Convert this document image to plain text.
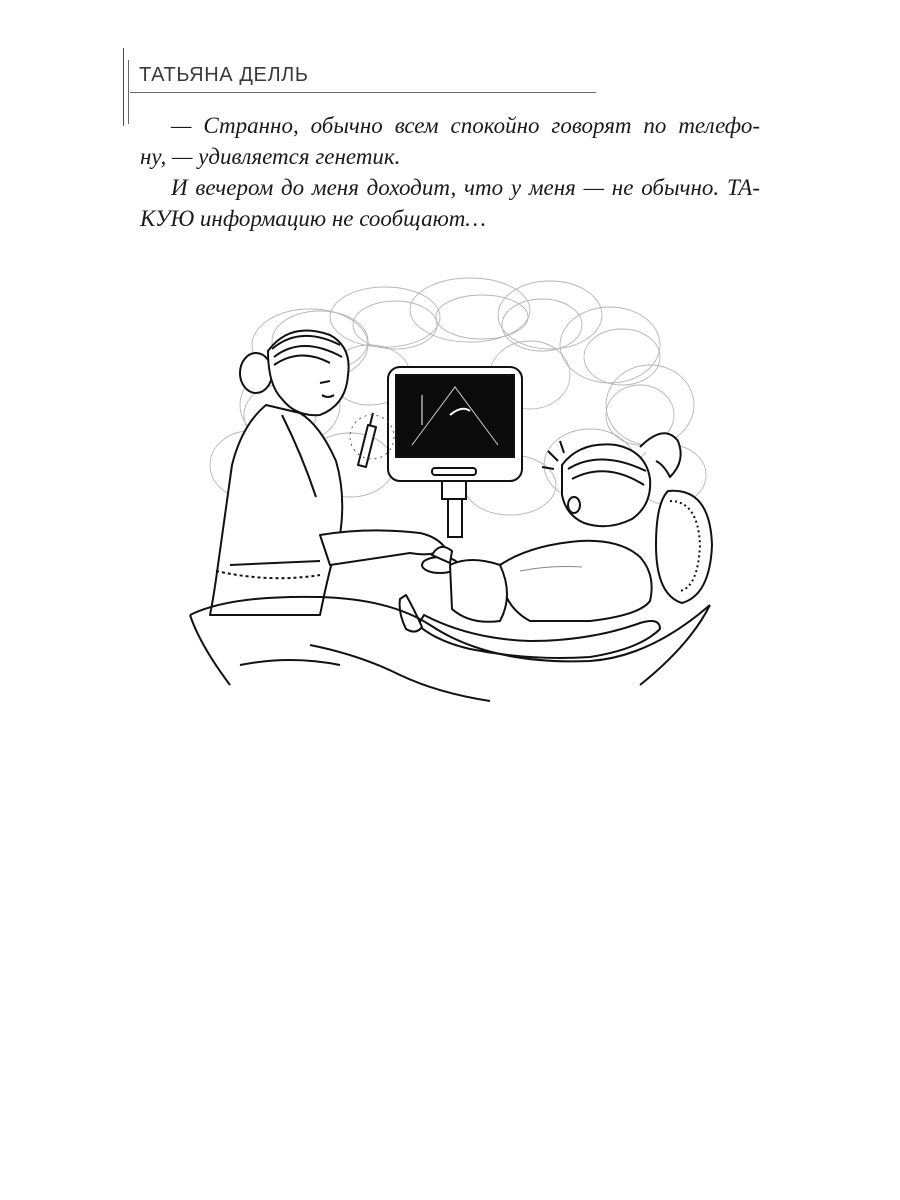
ТАТЬЯНА ДЕЛЛЬ
— Странно, обычно всем спокойно говорят по телефо-
ну, — удивляется генетик.
И вечером до меня доходит, что у меня — не обычно. ТА-
КУЮ информацию не сообщают…
